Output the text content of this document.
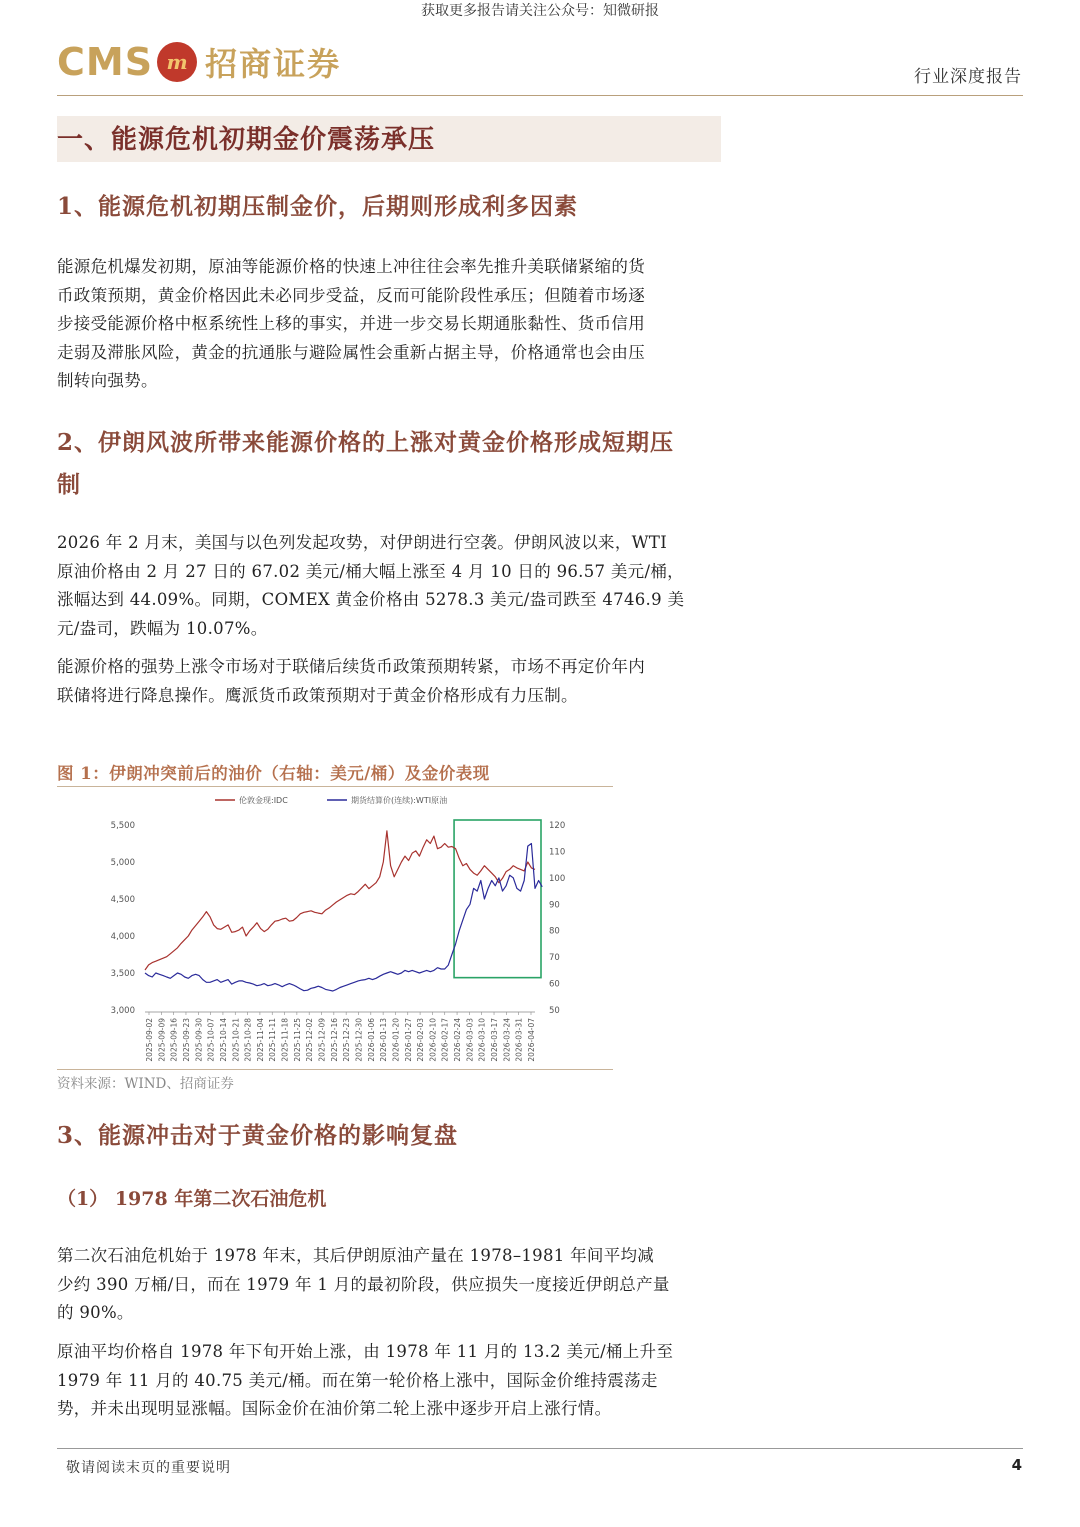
获取更多报告请关注公众号：知微研报
CMS m 招商证券	行业深度报告
一、能源危机初期金价震荡承压
1、能源危机初期压制金价，后期则形成利多因素
能源危机爆发初期，原油等能源价格的快速上冲往往会率先推升美联储紧缩的货
币政策预期，黄金价格因此未必同步受益，反而可能阶段性承压；但随着市场逐
步接受能源价格中枢系统性上移的事实，并进一步交易长期通胀黏性、货币信用
走弱及滞胀风险，黄金的抗通胀与避险属性会重新占据主导，价格通常也会由压
制转向强势。
2、伊朗风波所带来能源价格的上涨对黄金价格形成短期压
制
2026 年 2 月末，美国与以色列发起攻势，对伊朗进行空袭。伊朗风波以来，WTI
原油价格由 2 月 27 日的 67.02 美元/桶大幅上涨至 4 月 10 日的 96.57 美元/桶，
涨幅达到 44.09%。同期，COMEX 黄金价格由 5278.3 美元/盎司跌至 4746.9 美
元/盎司，跌幅为 10.07%。
能源价格的强势上涨令市场对于联储后续货币政策预期转紧，市场不再定价年内
联储将进行降息操作。鹰派货币政策预期对于黄金价格形成有力压制。
图 1：伊朗冲突前后的油价（右轴：美元/桶）及金价表现
伦敦金现:IDC	期货结算价(连续):WTI原油
3,000
3,500
4,000
4,500
5,000
5,500
50
60
70
80
90
100
110
120
2025-09-02 2025-09-09 2025-09-16 2025-09-23 2025-09-30 2025-10-07 2025-10-14 2025-10-21 2025-10-28 2025-11-04 2025-11-11 2025-11-18 2025-11-25 2025-12-02 2025-12-09 2025-12-16 2025-12-23 2025-12-30 2026-01-06 2026-01-13 2026-01-20 2026-01-27 2026-02-03 2026-02-10 2026-02-17 2026-02-24 2026-03-03 2026-03-10 2026-03-17 2026-03-24 2026-03-31 2026-04-07
资料来源：WIND、招商证券
3、能源冲击对于黄金价格的影响复盘
（1） 1978 年第二次石油危机
第二次石油危机始于 1978 年末，其后伊朗原油产量在 1978–1981 年间平均减
少约 390 万桶/日，而在 1979 年 1 月的最初阶段，供应损失一度接近伊朗总产量
的 90%。
原油平均价格自 1978 年下旬开始上涨，由 1978 年 11 月的 13.2 美元/桶上升至
1979 年 11 月的 40.75 美元/桶。而在第一轮价格上涨中，国际金价维持震荡走
势，并未出现明显涨幅。国际金价在油价第二轮上涨中逐步开启上涨行情。
敬请阅读末页的重要说明	4
